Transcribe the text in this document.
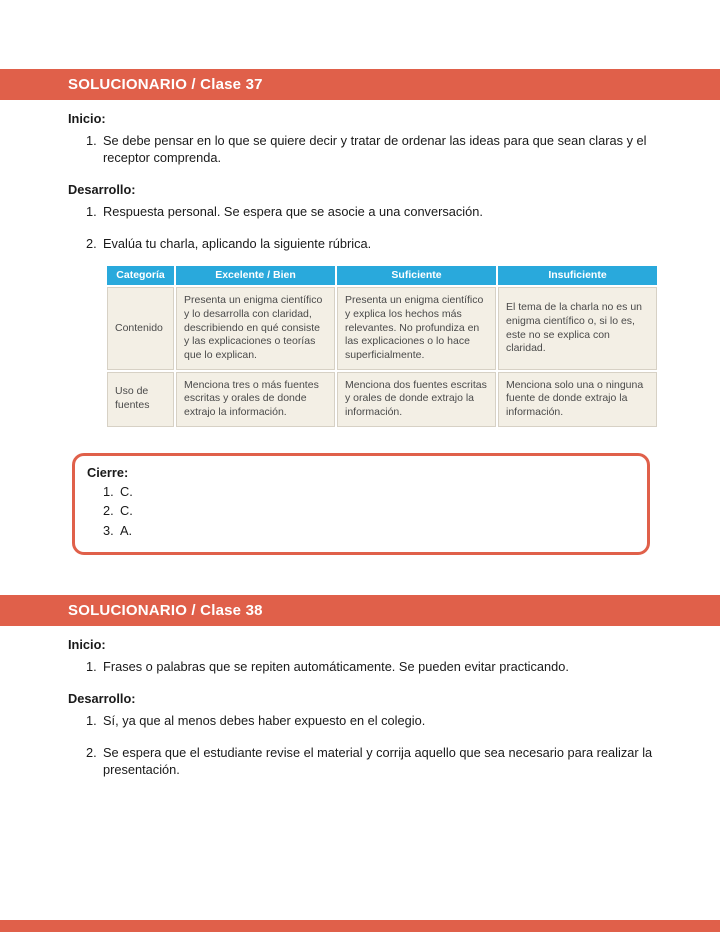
SOLUCIONARIO / Clase 37
Inicio:
1. Se debe pensar en lo que se quiere decir y tratar de ordenar las ideas para que sean claras y el receptor comprenda.
Desarrollo:
1. Respuesta personal. Se espera que se asocie a una conversación.
2. Evalúa tu charla, aplicando la siguiente rúbrica.
Categoría	Excelente / Bien	Suficiente	Insuficiente
Contenido	Presenta un enigma científico y lo desarrolla con claridad, describiendo en qué consiste y las explicaciones o teorías que lo explican.	Presenta un enigma científico y explica los hechos más relevantes. No profundiza en las explicaciones o lo hace superficialmente.	El tema de la charla no es un enigma científico o, si lo es, este no se explica con claridad.
Uso de fuentes	Menciona tres o más fuentes escritas y orales de donde extrajo la información.	Menciona dos fuentes escritas y orales de donde extrajo la información.	Menciona solo una o ninguna fuente de donde extrajo la información.
Cierre:
1. C.
2. C.
3. A.
SOLUCIONARIO / Clase 38
Inicio:
1. Frases o palabras que se repiten automáticamente. Se pueden evitar practicando.
Desarrollo:
1. Sí, ya que al menos debes haber expuesto en el colegio.
2. Se espera que el estudiante revise el material y corrija aquello que sea necesario para realizar la presentación.
